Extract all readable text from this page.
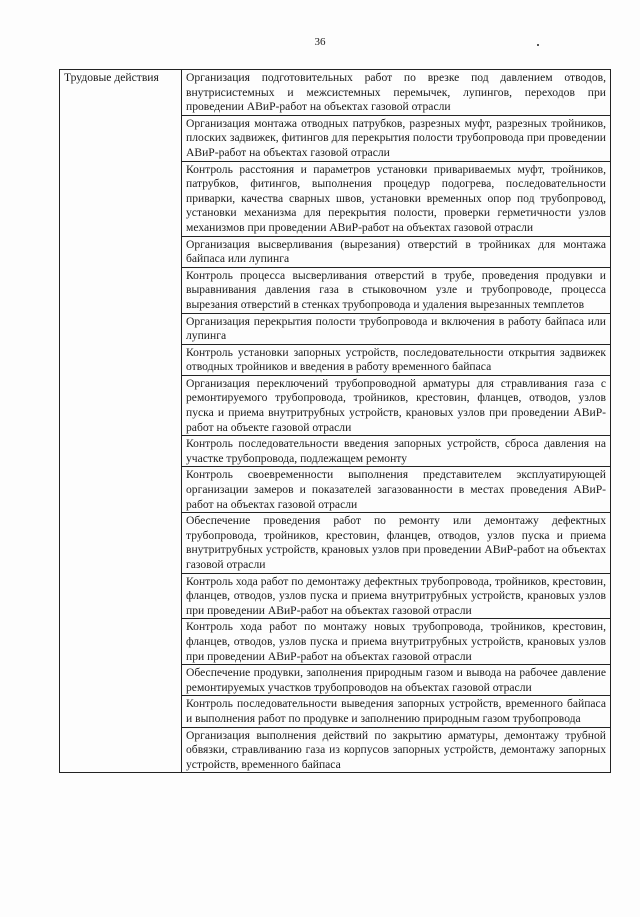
36
Трудовые действия	Организация подготовительных работ по врезке под давлением отводов, внутрисистемных и межсистемных перемычек, лупингов, переходов при проведении АВиР-работ на объектах газовой отрасли
Организация монтажа отводных патрубков, разрезных муфт, разрезных тройников, плоских задвижек, фитингов для перекрытия полости трубопровода при проведении АВиР-работ на объектах газовой отрасли
Контроль расстояния и параметров установки привариваемых муфт, тройников, патрубков, фитингов, выполнения процедур подогрева, последовательности приварки, качества сварных швов, установки временных опор под трубопровод, установки механизма для перекрытия полости, проверки герметичности узлов механизмов при проведении АВиР-работ на объектах газовой отрасли
Организация высверливания (вырезания) отверстий в тройниках для монтажа байпаса или лупинга
Контроль процесса высверливания отверстий в трубе, проведения продувки и выравнивания давления газа в стыковочном узле и трубопроводе, процесса вырезания отверстий в стенках трубопровода и удаления вырезанных темплетов
Организация перекрытия полости трубопровода и включения в работу байпаса или лупинга
Контроль установки запорных устройств, последовательности открытия задвижек отводных тройников и введения в работу временного байпаса
Организация переключений трубопроводной арматуры для стравливания газа с ремонтируемого трубопровода, тройников, крестовин, фланцев, отводов, узлов пуска и приема внутритрубных устройств, крановых узлов при проведении АВиР-работ на объекте газовой отрасли
Контроль последовательности введения запорных устройств, сброса давления на участке трубопровода, подлежащем ремонту
Контроль своевременности выполнения представителем эксплуатирующей организации замеров и показателей загазованности в местах проведения АВиР-работ на объектах газовой отрасли
Обеспечение проведения работ по ремонту или демонтажу дефектных трубопровода, тройников, крестовин, фланцев, отводов, узлов пуска и приема внутритрубных устройств, крановых узлов при проведении АВиР-работ на объектах газовой отрасли
Контроль хода работ по демонтажу дефектных трубопровода, тройников, крестовин, фланцев, отводов, узлов пуска и приема внутритрубных устройств, крановых узлов при проведении АВиР-работ на объектах газовой отрасли
Контроль хода работ по монтажу новых трубопровода, тройников, крестовин, фланцев, отводов, узлов пуска и приема внутритрубных устройств, крановых узлов при проведении АВиР-работ на объектах газовой отрасли
Обеспечение продувки, заполнения природным газом и вывода на рабочее давление ремонтируемых участков трубопроводов на объектах газовой отрасли
Контроль последовательности выведения запорных устройств, временного байпаса и выполнения работ по продувке и заполнению природным газом трубопровода
Организация выполнения действий по закрытию арматуры, демонтажу трубной обвязки, стравливанию газа из корпусов запорных устройств, демонтажу запорных устройств, временного байпаса
